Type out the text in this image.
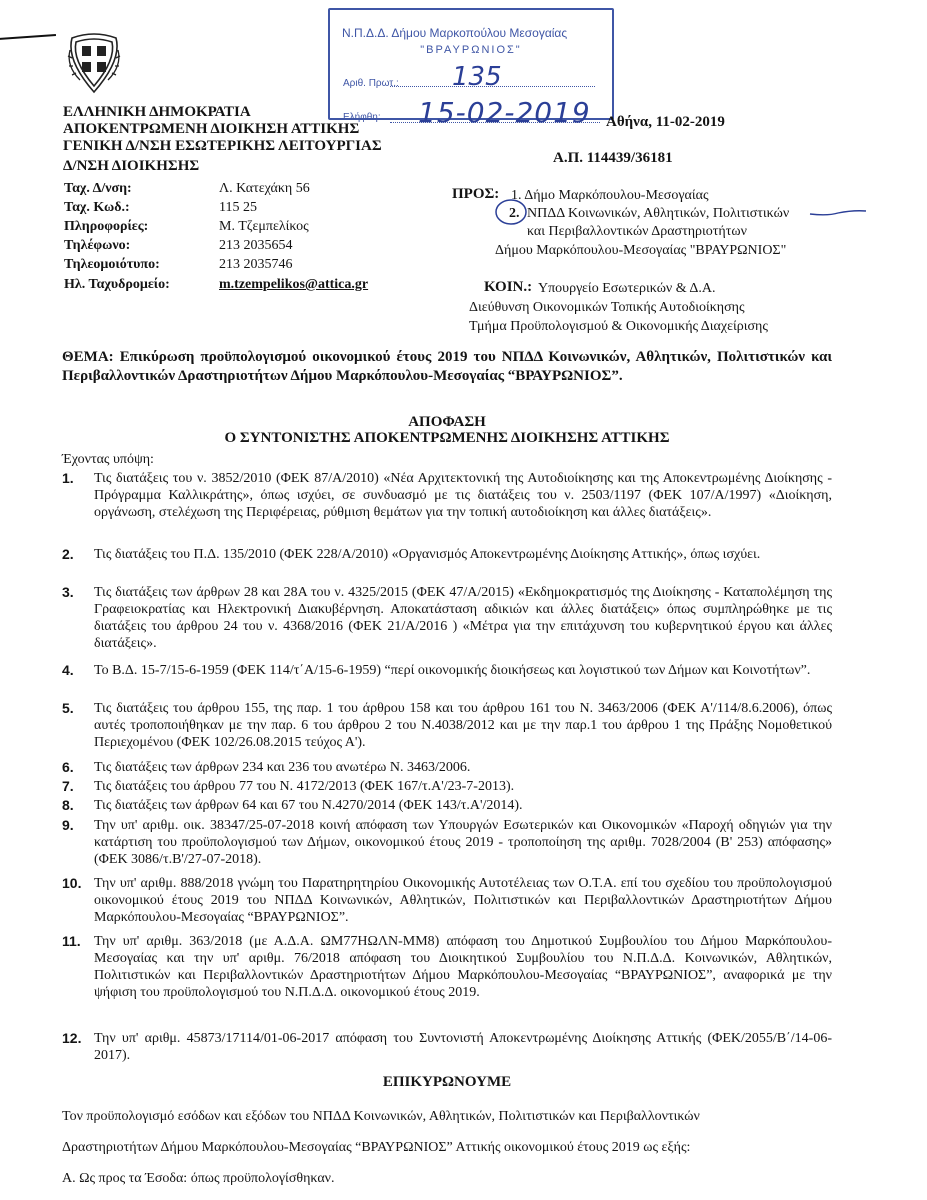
Ν.Π.Δ.Δ. Δήμου Μαρκοπούλου Μεσογαίας
"ΒΡΑΥΡΩΝΙΟΣ"
Αριθ. Πρωτ.:
Ελήφθη:
135
15-02-2019
ΕΛΛΗΝΙΚΗ ΔΗΜΟΚΡΑΤΙΑ
ΑΠΟΚΕΝΤΡΩΜΕΝΗ ΔΙΟΙΚΗΣΗ ΑΤΤΙΚΗΣ
ΓΕΝΙΚΗ Δ/ΝΣΗ ΕΣΩΤΕΡΙΚΗΣ ΛΕΙΤΟΥΡΓΙΑΣ
Δ/ΝΣΗ ΔΙΟΙΚΗΣΗΣ
Ταχ. Δ/νση:	Λ. Κατεχάκη 56
Ταχ. Κωδ.:	115 25
Πληροφορίες:	Μ. Τζεμπελίκος
Τηλέφωνο:	213 2035654
Τηλεομοιότυπο:	213 2035746
Ηλ. Ταχυδρομείο:	m.tzempelikos@attica.gr
Αθήνα, 11-02-2019
Α.Π. 114439/36181
ΠΡΟΣ: 1. Δήμο Μαρκόπουλου-Μεσογαίας
2. ΝΠΔΔ Κοινωνικών, Αθλητικών, Πολιτιστικών
και Περιβαλλοντικών Δραστηριοτήτων
Δήμου Μαρκόπουλου-Μεσογαίας "ΒΡΑΥΡΩΝΙΟΣ"
ΚΟΙΝ.: Υπουργείο Εσωτερικών & Δ.Α.
Διεύθυνση Οικονομικών Τοπικής Αυτοδιοίκησης
Τμήμα Προϋπολογισμού & Οικονομικής Διαχείρισης
ΘΕΜΑ: Επικύρωση προϋπολογισμού οικονομικού έτους 2019 του ΝΠΔΔ Κοινωνικών, Αθλητικών, Πολιτιστικών και Περιβαλλοντικών Δραστηριοτήτων Δήμου Μαρκόπουλου-Μεσογαίας “ΒΡΑΥΡΩΝΙΟΣ”.
ΑΠΟΦΑΣΗ
Ο ΣΥΝΤΟΝΙΣΤΗΣ ΑΠΟΚΕΝΤΡΩΜΕΝΗΣ ΔΙΟΙΚΗΣΗΣ ΑΤΤΙΚΗΣ
Έχοντας υπόψη:
1.	Τις διατάξεις του ν. 3852/2010 (ΦΕΚ 87/Α/2010) «Νέα Αρχιτεκτονική της Αυτοδιοίκησης και της Αποκεντρωμένης Διοίκησης - Πρόγραμμα Καλλικράτης», όπως ισχύει, σε συνδυασμό με τις διατάξεις του ν. 2503/1197 (ΦΕΚ 107/Α/1997) «Διοίκηση, οργάνωση, στελέχωση της Περιφέρειας, ρύθμιση θεμάτων για την τοπική αυτοδιοίκηση και άλλες διατάξεις».
2.	Τις διατάξεις του Π.Δ. 135/2010 (ΦΕΚ 228/Α/2010) «Οργανισμός Αποκεντρωμένης Διοίκησης Αττικής», όπως ισχύει.
3.	Τις διατάξεις των άρθρων 28 και 28Α του ν. 4325/2015 (ΦΕΚ 47/Α/2015) «Εκδημοκρατισμός της Διοίκησης - Καταπολέμηση της Γραφειοκρατίας και Ηλεκτρονική Διακυβέρνηση. Αποκατάσταση αδικιών και άλλες διατάξεις» όπως συμπληρώθηκε με τις διατάξεις του άρθρου 24 του ν. 4368/2016 (ΦΕΚ 21/Α/2016 ) «Μέτρα για την επιτάχυνση του κυβερνητικού έργου και άλλες διατάξεις».
4.	Το Β.Δ. 15-7/15-6-1959 (ΦΕΚ 114/τ΄Α/15-6-1959) “περί οικονομικής διοικήσεως και λογιστικού των Δήμων και Κοινοτήτων”.
5.	Τις διατάξεις του άρθρου 155, της παρ. 1 του άρθρου 158 και του άρθρου 161 του Ν. 3463/2006 (ΦΕΚ Α'/114/8.6.2006), όπως αυτές τροποποιήθηκαν με την παρ. 6 του άρθρου 2 του Ν.4038/2012 και με την παρ.1 του άρθρου 1 της Πράξης Νομοθετικού Περιεχομένου (ΦΕΚ 102/26.08.2015 τεύχος Α').
6.	Τις διατάξεις των άρθρων 234 και 236 του ανωτέρω Ν. 3463/2006.
7.	Τις διατάξεις του άρθρου 77 του Ν. 4172/2013 (ΦΕΚ 167/τ.Α'/23-7-2013).
8.	Τις διατάξεις των άρθρων 64 και 67 του Ν.4270/2014 (ΦΕΚ 143/τ.Α'/2014).
9.	Την υπ' αριθμ. οικ. 38347/25-07-2018 κοινή απόφαση των Υπουργών Εσωτερικών και Οικονομικών «Παροχή οδηγιών για την κατάρτιση του προϋπολογισμού των Δήμων, οικονομικού έτους 2019 - τροποποίηση της αριθμ. 7028/2004 (Β' 253) απόφασης» (ΦΕΚ 3086/τ.Β'/27-07-2018).
10. Την υπ' αριθμ. 888/2018 γνώμη του Παρατηρητηρίου Οικονομικής Αυτοτέλειας των Ο.Τ.Α. επί του σχεδίου του προϋπολογισμού οικονομικού έτους 2019 του ΝΠΔΔ Κοινωνικών, Αθλητικών, Πολιτιστικών και Περιβαλλοντικών Δραστηριοτήτων Δήμου Μαρκόπουλου-Μεσογαίας “ΒΡΑΥΡΩΝΙΟΣ”.
11. Την υπ' αριθμ. 363/2018 (με Α.Δ.Α. ΩΜ77ΗΩΛΝ-ΜΜ8) απόφαση του Δημοτικού Συμβουλίου του Δήμου Μαρκόπουλου-Μεσογαίας και την υπ' αριθμ. 76/2018 απόφαση του Διοικητικού Συμβουλίου του Ν.Π.Δ.Δ. Κοινωνικών, Αθλητικών, Πολιτιστικών και Περιβαλλοντικών Δραστηριοτήτων Δήμου Μαρκόπουλου-Μεσογαίας “ΒΡΑΥΡΩΝΙΟΣ”, αναφορικά με την ψήφιση του προϋπολογισμού του Ν.Π.Δ.Δ. οικονομικού έτους 2019.
12. Την υπ' αριθμ. 45873/17114/01-06-2017 απόφαση του Συντονιστή Αποκεντρωμένης Διοίκησης Αττικής (ΦΕΚ/2055/Β΄/14-06-2017).
ΕΠΙΚΥΡΩΝΟΥΜΕ
Τον προϋπολογισμό εσόδων και εξόδων του ΝΠΔΔ Κοινωνικών, Αθλητικών, Πολιτιστικών και Περιβαλλοντικών
Δραστηριοτήτων Δήμου Μαρκόπουλου-Μεσογαίας “ΒΡΑΥΡΩΝΙΟΣ” Αττικής οικονομικού έτους 2019 ως εξής:
Α. Ως προς τα Έσοδα: όπως προϋπολογίσθηκαν.
